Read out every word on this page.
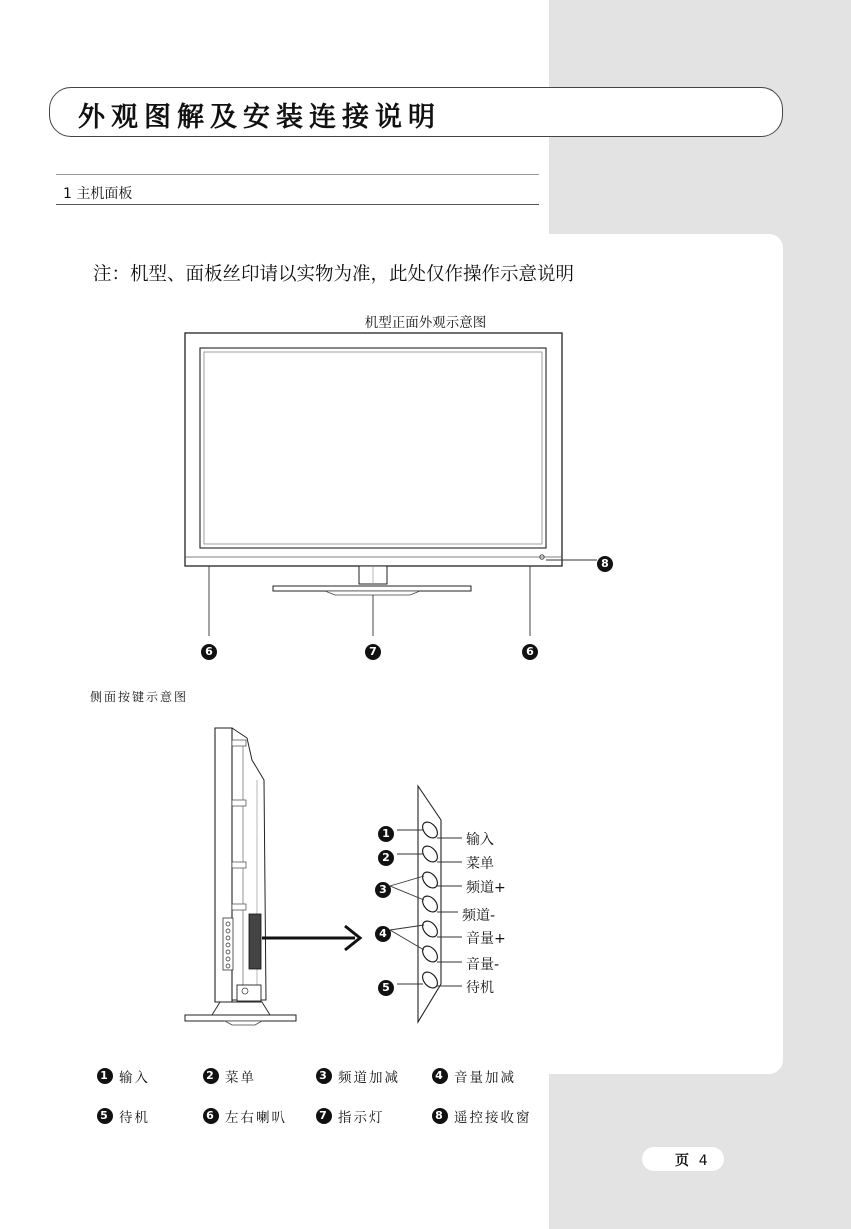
外观图解及安装连接说明
1 主机面板
注：机型、面板丝印请以实物为准，此处仅作操作示意说明
机型正面外观示意图
8
6	7	6
侧面按键示意图
1
2
3
4
5
输入
菜单
频道+
频道-
音量+
音量-
待机
1 输入	2 菜单	3 频道加减	4 音量加减
5 待机	6 左右喇叭	7 指示灯	8 遥控接收窗
页 4
